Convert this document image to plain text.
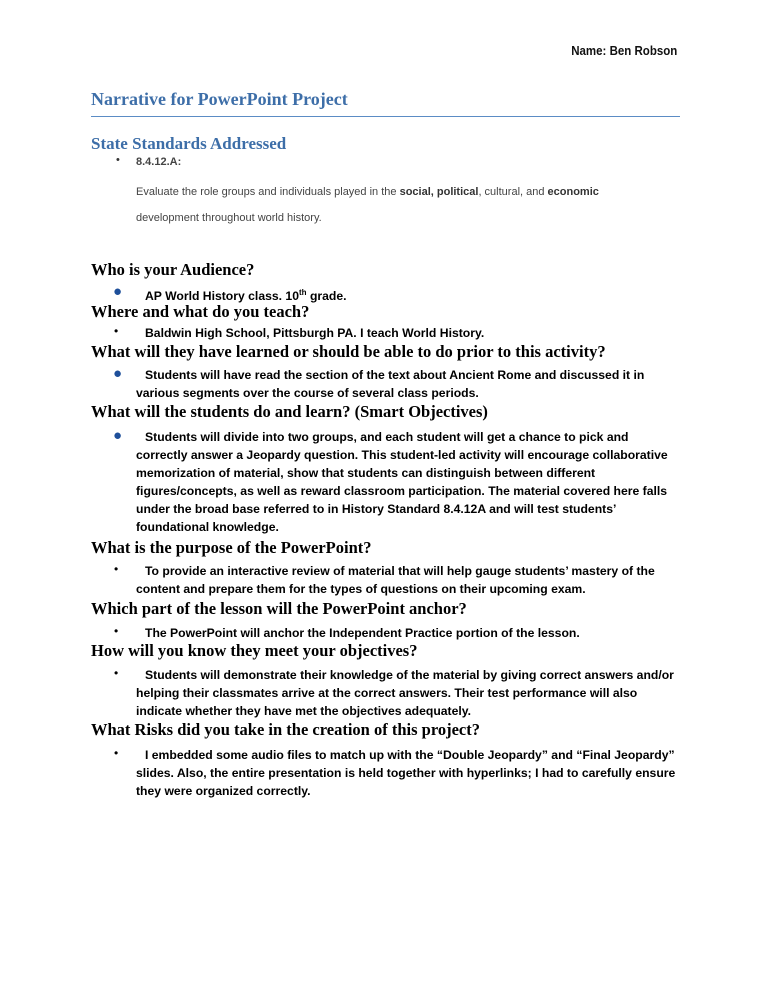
Name: Ben Robson
Narrative for PowerPoint Project
State Standards Addressed
• 8.4.12.A:
Evaluate the role groups and individuals played in the social, political, cultural, and economic development throughout world history.
Who is your Audience?
●	AP World History class. 10th grade.
Where and what do you teach?
•	Baldwin High School, Pittsburgh PA. I teach World History.
What will they have learned or should be able to do prior to this activity?
●	Students will have read the section of the text about Ancient Rome and discussed it in various segments over the course of several class periods.
What will the students do and learn? (Smart Objectives)
●	Students will divide into two groups, and each student will get a chance to pick and correctly answer a Jeopardy question. This student-led activity will encourage collaborative memorization of material, show that students can distinguish between different figures/concepts, as well as reward classroom participation. The material covered here falls under the broad base referred to in History Standard 8.4.12A and will test students’ foundational knowledge.
What is the purpose of the PowerPoint?
•	To provide an interactive review of material that will help gauge students’ mastery of the content and prepare them for the types of questions on their upcoming exam.
Which part of the lesson will the PowerPoint anchor?
•	The PowerPoint will anchor the Independent Practice portion of the lesson.
How will you know they meet your objectives?
•	Students will demonstrate their knowledge of the material by giving correct answers and/or helping their classmates arrive at the correct answers. Their test performance will also indicate whether they have met the objectives adequately.
What Risks did you take in the creation of this project?
•	I embedded some audio files to match up with the “Double Jeopardy” and “Final Jeopardy” slides. Also, the entire presentation is held together with hyperlinks; I had to carefully ensure they were organized correctly.
